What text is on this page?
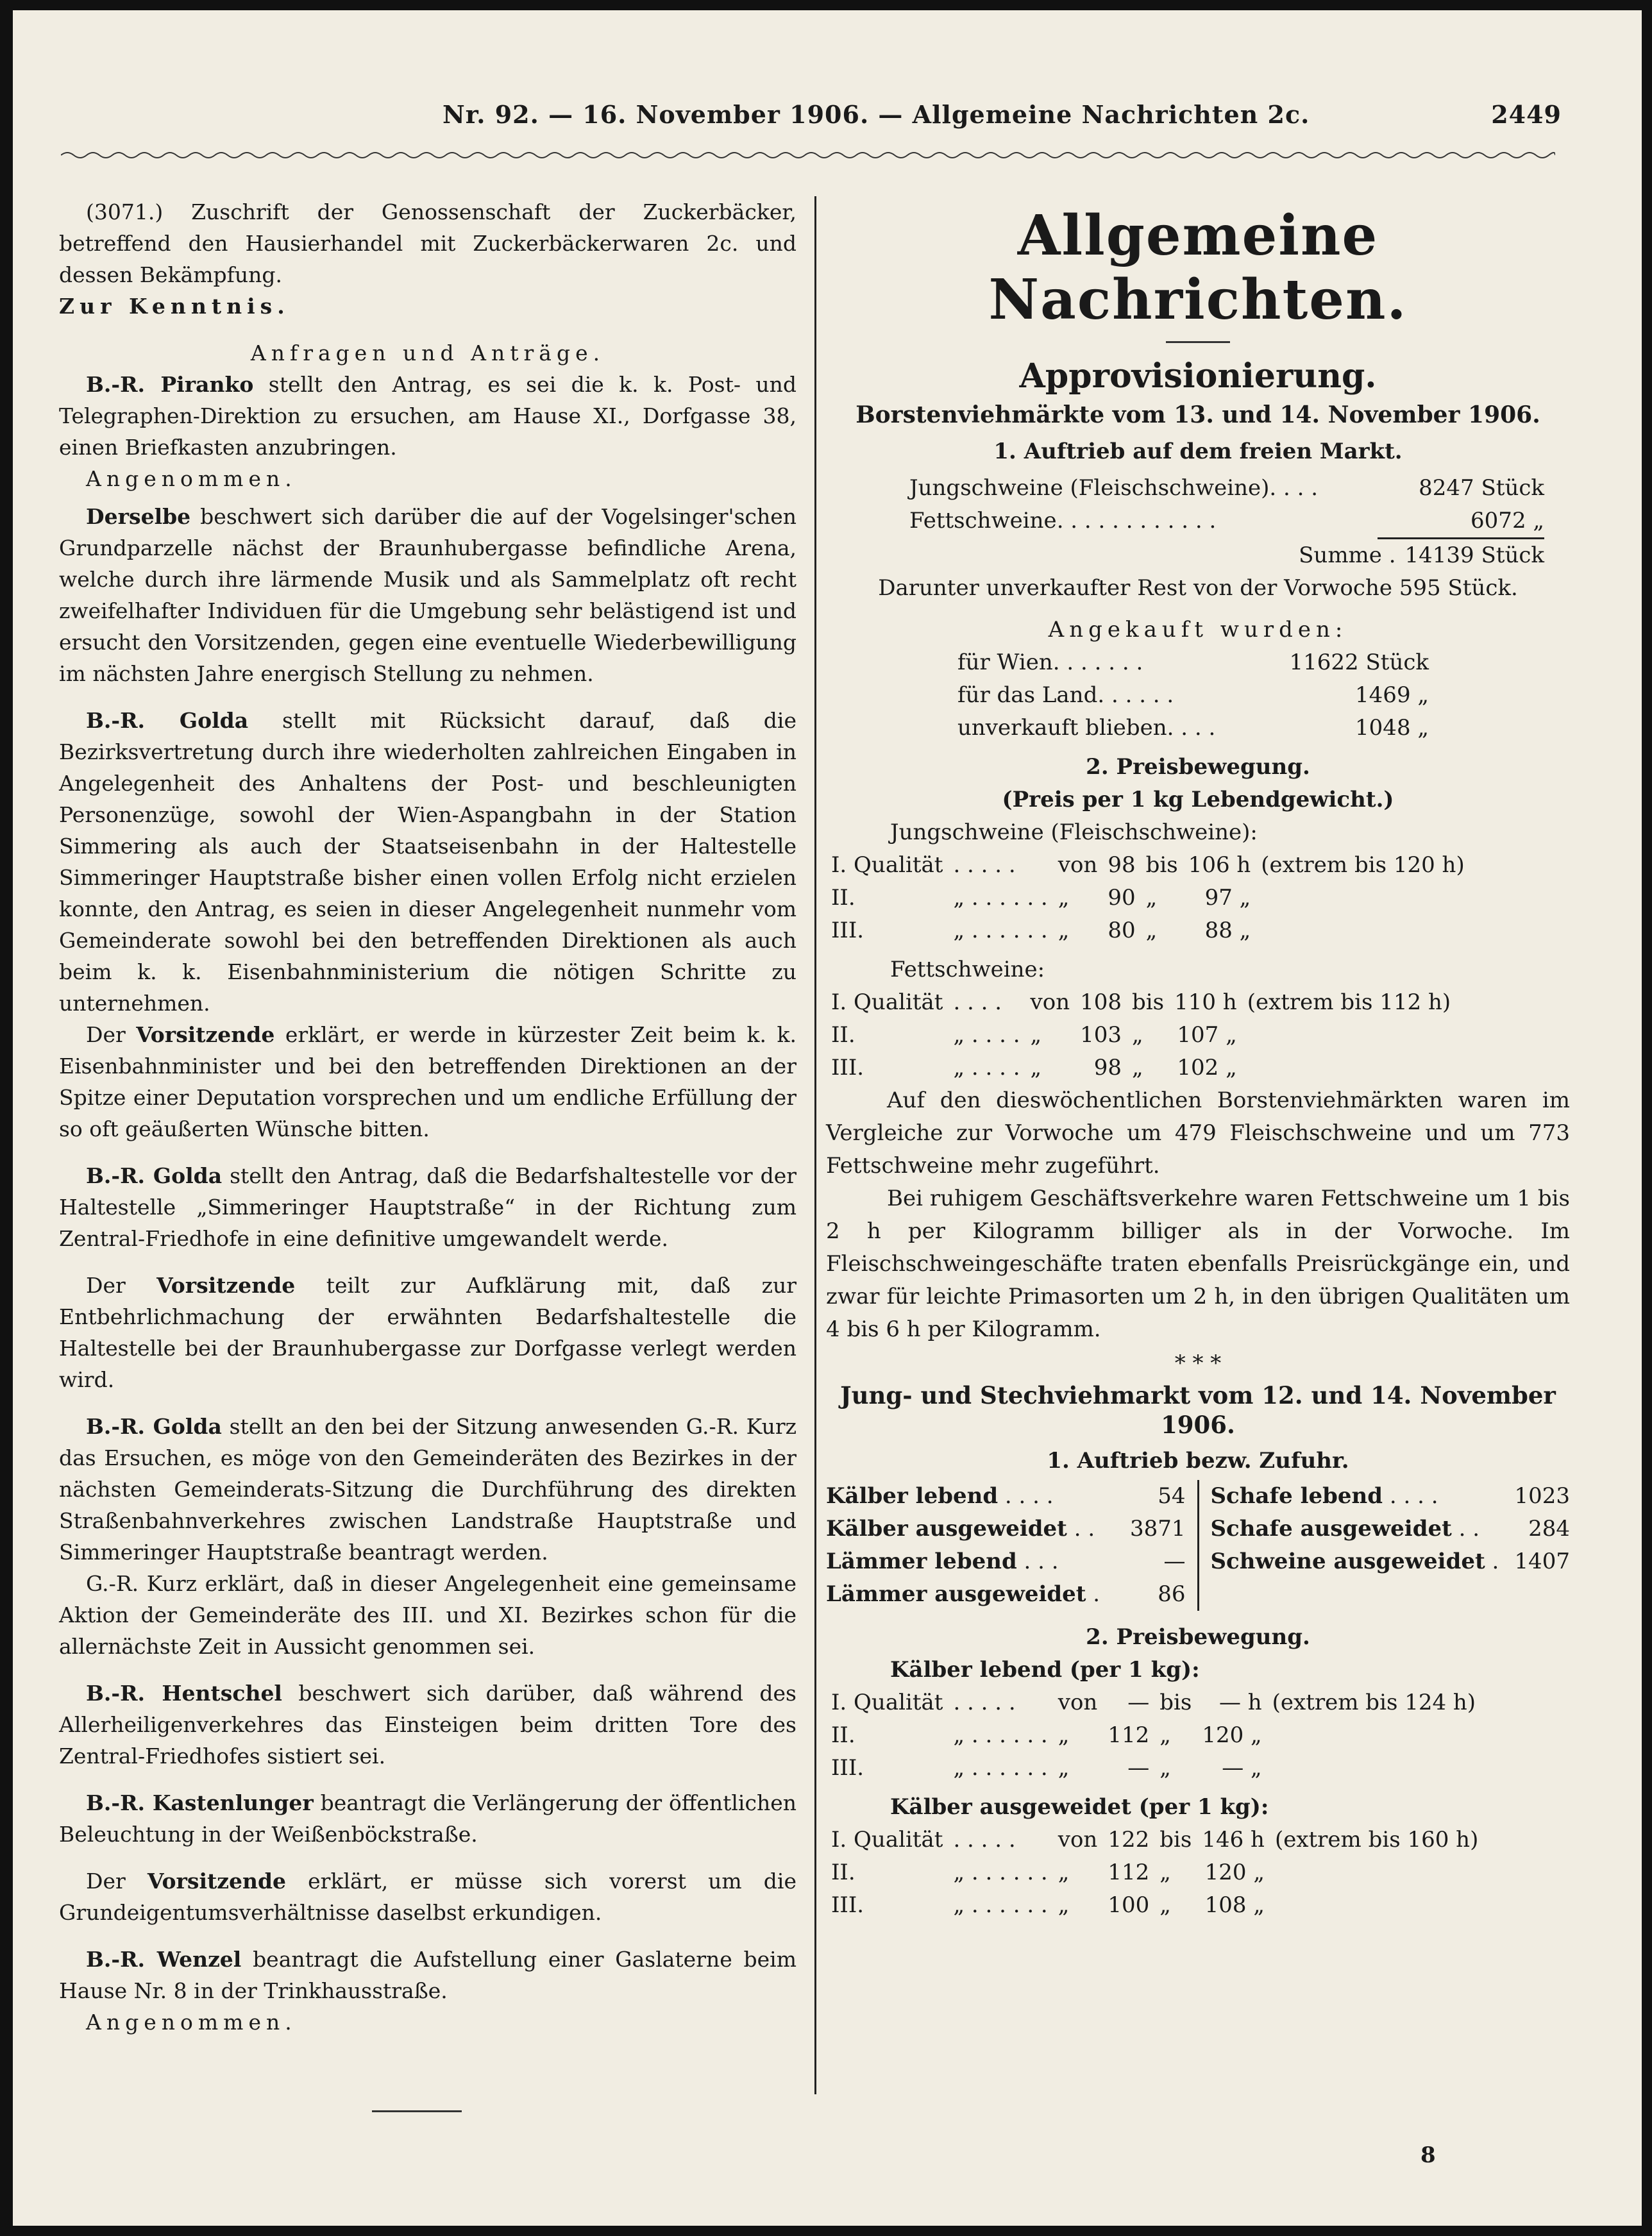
Nr. 92. — 16. November 1906. — Allgemeine Nachrichten 2c.	2449

(3071.) Zuschrift der Genossenschaft der Zuckerbäcker, betreffend den Hausierhandel mit Zuckerbäckerwaren 2c. und dessen Bekämpfung.

Zur Kenntnis.

Anfragen und Anträge.

B.-R. Piranko stellt den Antrag, es sei die k. k. Post- und Telegraphen-Direktion zu ersuchen, am Hause XI., Dorfgasse 38, einen Briefkasten anzubringen.

Angenommen.

Derselbe beschwert sich darüber die auf der Vogelsinger'schen Grundparzelle nächst der Braunhubergasse befindliche Arena, welche durch ihre lärmende Musik und als Sammelplatz oft recht zweifelhafter Individuen für die Umgebung sehr belästigend ist und ersucht den Vorsitzenden, gegen eine eventuelle Wiederbewilligung im nächsten Jahre energisch Stellung zu nehmen.

B.-R. Golda stellt mit Rücksicht darauf, daß die Bezirksvertretung durch ihre wiederholten zahlreichen Eingaben in Angelegenheit des Anhaltens der Post- und beschleunigten Personenzüge, sowohl der Wien-Aspangbahn in der Station Simmering als auch der Staatseisenbahn in der Haltestelle Simmeringer Hauptstraße bisher einen vollen Erfolg nicht erzielen konnte, den Antrag, es seien in dieser Angelegenheit nunmehr vom Gemeinderate sowohl bei den betreffenden Direktionen als auch beim k. k. Eisenbahnministerium die nötigen Schritte zu unternehmen.

Der Vorsitzende erklärt, er werde in kürzester Zeit beim k. k. Eisenbahnminister und bei den betreffenden Direktionen an der Spitze einer Deputation vorsprechen und um endliche Erfüllung der so oft geäußerten Wünsche bitten.

B.-R. Golda stellt den Antrag, daß die Bedarfshaltestelle vor der Haltestelle „Simmeringer Hauptstraße“ in der Richtung zum Zentral-Friedhofe in eine definitive umgewandelt werde.

Der Vorsitzende teilt zur Aufklärung mit, daß zur Entbehrlichmachung der erwähnten Bedarfshaltestelle die Haltestelle bei der Braunhubergasse zur Dorfgasse verlegt werden wird.

B.-R. Golda stellt an den bei der Sitzung anwesenden G.-R. Kurz das Ersuchen, es möge von den Gemeinderäten des Bezirkes in der nächsten Gemeinderats-Sitzung die Durchführung des direkten Straßenbahnverkehres zwischen Landstraße Hauptstraße und Simmeringer Hauptstraße beantragt werden.

G.-R. Kurz erklärt, daß in dieser Angelegenheit eine gemeinsame Aktion der Gemeinderäte des III. und XI. Bezirkes schon für die allernächste Zeit in Aussicht genommen sei.

B.-R. Hentschel beschwert sich darüber, daß während des Allerheiligenverkehres das Einsteigen beim dritten Tore des Zentral-Friedhofes sistiert sei.

B.-R. Kastenlunger beantragt die Verlängerung der öffentlichen Beleuchtung in der Weißenböckstraße.

Der Vorsitzende erklärt, er müsse sich vorerst um die Grundeigentumsverhältnisse daselbst erkundigen.

B.-R. Wenzel beantragt die Aufstellung einer Gaslaterne beim Hause Nr. 8 in der Trinkhausstraße.

Angenommen.

Allgemeine Nachrichten.
Approvisionierung.
Borstenviehmärkte vom 13. und 14. November 1906.
1. Auftrieb auf dem freien Markt.
Jungschweine (Fleischschweine) . . . .	8247 Stück
Fettschweine . . . . . . . . . . . .	6072 „
Summe . 14139 Stück

Darunter unverkaufter Rest von der Vorwoche 595 Stück.

Angekauft wurden:

für Wien . . . . . . .	11622 Stück
für das Land . . . . . .	1469 „
unverkauft blieben . . . .	1048 „

2. Preisbewegung.

(Preis per 1 kg Lebendgewicht.)

Jungschweine (Fleischschweine):

I. Qualität	. . . . .	von	98	bis	106 h	(extrem bis 120 h)
II.	„ . . . . . .	„	90	„	97 „	
III.	„ . . . . . .	„	80	„	88 „	

Fettschweine:

I. Qualität	. . . .	von	108	bis	110 h	(extrem bis 112 h)
II.	„ . . . .	„	103	„	107 „	
III.	„ . . . .	„	98	„	102 „	

Auf den dieswöchentlichen Borstenviehmärkten waren im Vergleiche zur Vorwoche um 479 Fleischschweine und um 773 Fettschweine mehr zugeführt.

Bei ruhigem Geschäftsverkehre waren Fettschweine um 1 bis 2 h per Kilogramm billiger als in der Vorwoche. Im Fleischschweingeschäfte traten ebenfalls Preisrückgänge ein, und zwar für leichte Primasorten um 2 h, in den übrigen Qualitäten um 4 bis 6 h per Kilogramm.

* * *
Jung- und Stechviehmarkt vom 12. und 14. November 1906.
1. Auftrieb bezw. Zufuhr.
Kälber lebend . . . .	54
Kälber ausgeweidet . . 3871
Lämmer lebend . . .	—
Lämmer ausgeweidet .	86
Schafe lebend . . . .	1023
Schafe ausgeweidet . . 284
Schweine ausgeweidet . 1407

2. Preisbewegung.

Kälber lebend (per 1 kg):

I. Qualität	. . . . .	von	—	bis	— h	(extrem bis 124 h)
II.	„ . . . . . .	„	112	„	120 „	
III.	„ . . . . . .	„	—	„	— „	

Kälber ausgeweidet (per 1 kg):

I. Qualität	. . . . .	von	122	bis	146 h	(extrem bis 160 h)
II.	„ . . . . . .	„	112	„	120 „	
III.	„ . . . . . .	„	100	„	108 „	
8
